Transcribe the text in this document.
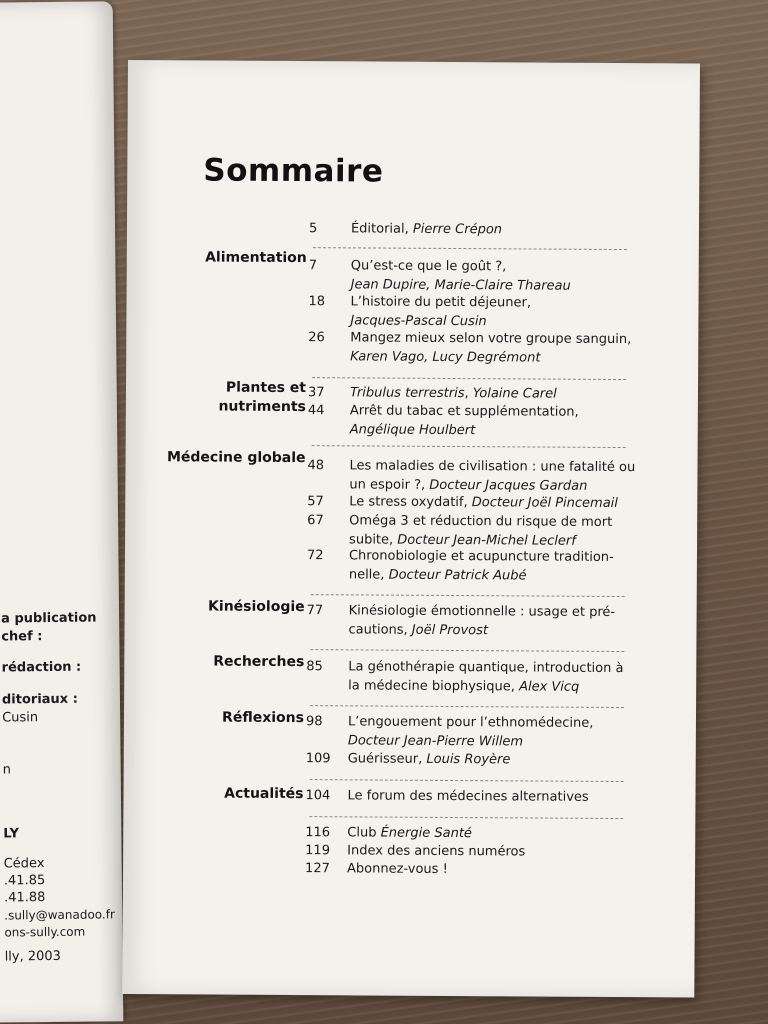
a publication
chef :
rédaction :
ditoriaux :
Cusin
n
LY
Cédex
.41.85
.41.88
.sully@wanadoo.fr
ons-sully.com
lly, 2003
Sommaire
5	Éditorial, Pierre Crépon
Alimentation 7	Qu’est-ce que le goût ?,
Jean Dupire, Marie-Claire Thareau
18	L’histoire du petit déjeuner,
Jacques-Pascal Cusin
26	Mangez mieux selon votre groupe sanguin,
Karen Vago, Lucy Degrémont
Plantes et nutriments
37	Tribulus terrestris, Yolaine Carel
44	Arrêt du tabac et supplémentation,
Angélique Houlbert
Médecine globale 48	Les maladies de civilisation : une fatalité ou un espoir ?, Docteur Jacques Gardan
57	Le stress oxydatif, Docteur Joël Pincemail
67	Oméga 3 et réduction du risque de mort subite, Docteur Jean-Michel Leclerf
72	Chronobiologie et acupuncture tradition-nelle, Docteur Patrick Aubé
Kinésiologie 77	Kinésiologie émotionnelle : usage et pré-cautions, Joël Provost
Recherches 85	La génothérapie quantique, introduction à la médecine biophysique, Alex Vicq
Réflexions 98	L’engouement pour l’ethnomédecine,
Docteur Jean-Pierre Willem
109	Guérisseur, Louis Royère
Actualités 104	Le forum des médecines alternatives
116	Club Énergie Santé
119	Index des anciens numéros
127	Abonnez-vous !
